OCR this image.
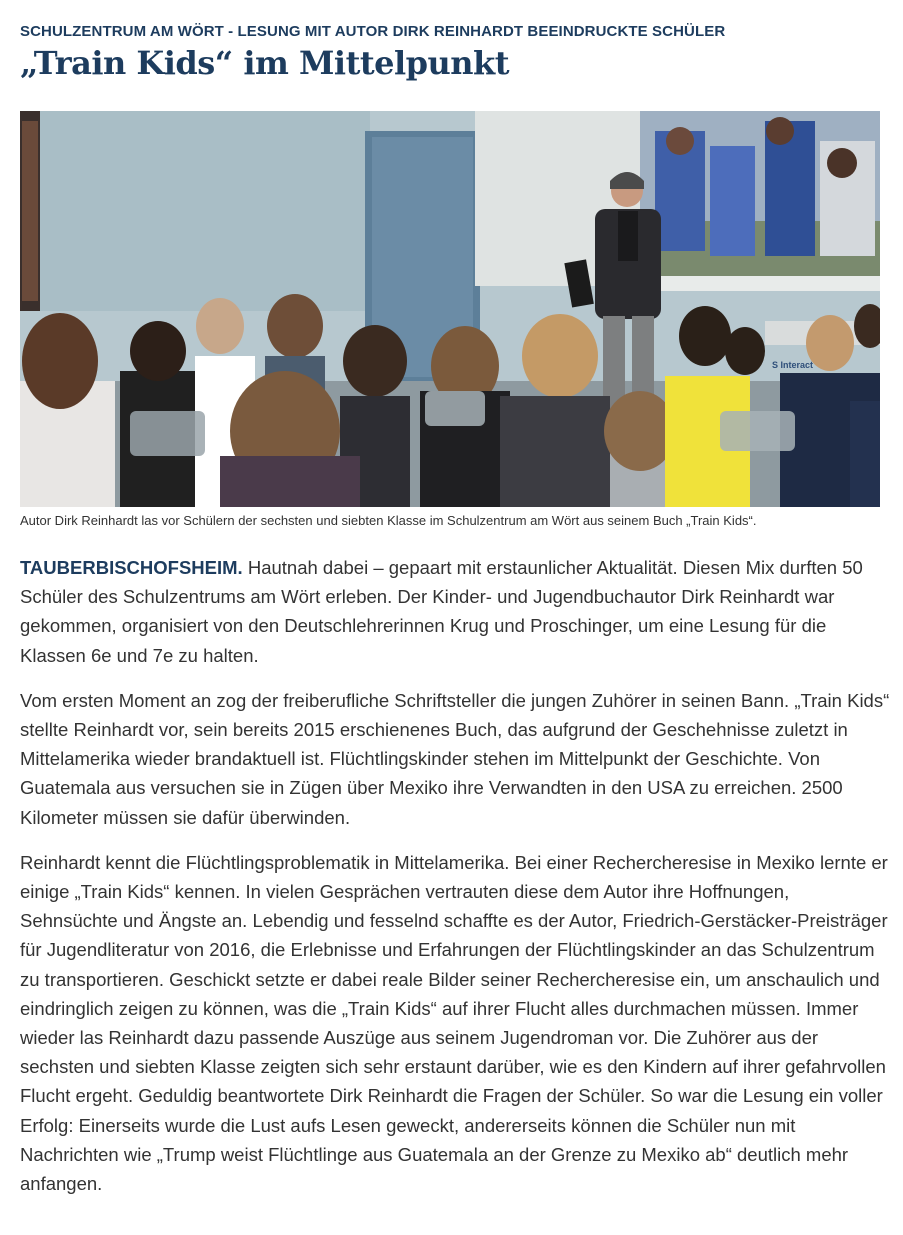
SCHULZENTRUM AM WÖRT - LESUNG MIT AUTOR DIRK REINHARDT BEEINDRUCKTE SCHÜLER
„Train Kids“ im Mittelpunkt
S Interact
Autor Dirk Reinhardt las vor Schülern der sechsten und siebten Klasse im Schulzentrum am Wört aus seinem Buch „Train Kids“.

TAUBERBISCHOFSHEIM. Hautnah dabei – gepaart mit erstaunlicher Aktualität. Diesen Mix durften 50 Schüler des Schulzentrums am Wört erleben. Der Kinder- und Jugendbuchautor Dirk Reinhardt war gekommen, organisiert von den Deutschlehrerinnen Krug und Proschinger, um eine Lesung für die Klassen 6e und 7e zu halten.

Vom ersten Moment an zog der freiberufliche Schriftsteller die jungen Zuhörer in seinen Bann. „Train Kids“ stellte Reinhardt vor, sein bereits 2015 erschienenes Buch, das aufgrund der Geschehnisse zuletzt in Mittelamerika wieder brandaktuell ist. Flüchtlingskinder stehen im Mittelpunkt der Geschichte. Von Guatemala aus versuchen sie in Zügen über Mexiko ihre Verwandten in den USA zu erreichen. 2500 Kilometer müssen sie dafür überwinden.

Reinhardt kennt die Flüchtlingsproblematik in Mittelamerika. Bei einer Rechercheresise in Mexiko lernte er einige „Train Kids“ kennen. In vielen Gesprächen vertrauten diese dem Autor ihre Hoffnungen, Sehnsüchte und Ängste an. Lebendig und fesselnd schaffte es der Autor, Friedrich-Gerstäcker-Preisträger für Jugendliteratur von 2016, die Erlebnisse und Erfahrungen der Flüchtlingskinder an das Schulzentrum zu transportieren. Geschickt setzte er dabei reale Bilder seiner Rechercheresise ein, um anschaulich und eindringlich zeigen zu können, was die „Train Kids“ auf ihrer Flucht alles durchmachen müssen. Immer wieder las Reinhardt dazu passende Auszüge aus seinem Jugendroman vor. Die Zuhörer aus der sechsten und siebten Klasse zeigten sich sehr erstaunt darüber, wie es den Kindern auf ihrer gefahrvollen Flucht ergeht. Geduldig beantwortete Dirk Reinhardt die Fragen der Schüler. So war die Lesung ein voller Erfolg: Einerseits wurde die Lust aufs Lesen geweckt, andererseits können die Schüler nun mit Nachrichten wie „Trump weist Flüchtlinge aus Guatemala an der Grenze zu Mexiko ab“ deutlich mehr anfangen.
